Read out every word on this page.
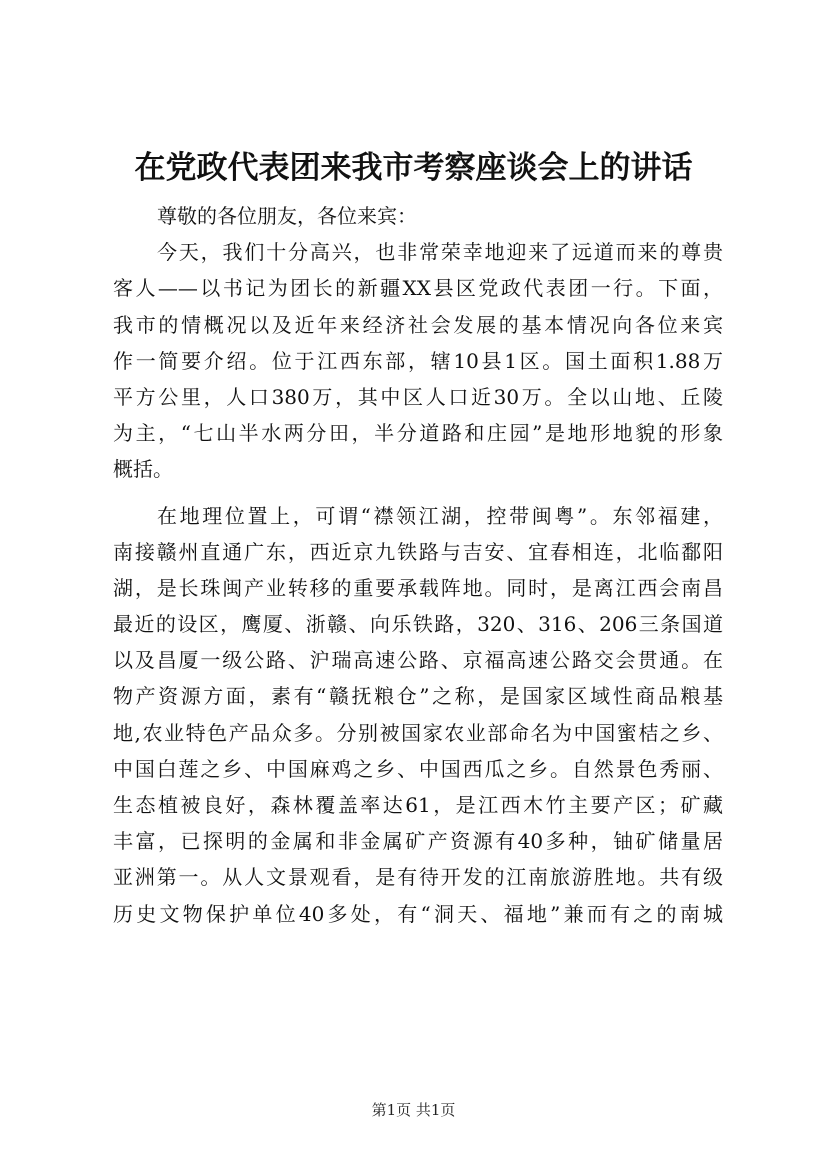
在党政代表团来我市考察座谈会上的讲话

尊敬的各位朋友，各位来宾：

今天，我们十分高兴，也非常荣幸地迎来了远道而来的尊贵

客人——以书记为团长的新疆XX县区党政代表团一行。下面，

我市的情概况以及近年来经济社会发展的基本情况向各位来宾

作一简要介绍。位于江西东部，辖10县1区。国土面积1.88万

平方公里，人口380万，其中区人口近30万。全以山地、丘陵

为主，“七山半水两分田，半分道路和庄园”是地形地貌的形象

概括。

在地理位置上，可谓“襟领江湖，控带闽粤”。东邻福建，

南接赣州直通广东，西近京九铁路与吉安、宜春相连，北临鄱阳

湖，是长珠闽产业转移的重要承载阵地。同时，是离江西会南昌

最近的设区，鹰厦、浙赣、向乐铁路，320、316、206三条国道

以及昌厦一级公路、沪瑞高速公路、京福高速公路交会贯通。在

物产资源方面，素有“赣抚粮仓”之称，是国家区域性商品粮基

地,农业特色产品众多。分别被国家农业部命名为中国蜜桔之乡、

中国白莲之乡、中国麻鸡之乡、中国西瓜之乡。自然景色秀丽、

生态植被良好，森林覆盖率达61，是江西木竹主要产区；矿藏

丰富，已探明的金属和非金属矿产资源有40多种，铀矿储量居

亚洲第一。从人文景观看，是有待开发的江南旅游胜地。共有级

历史文物保护单位40多处，有“洞天、福地”兼而有之的南城

第1页 共1页
